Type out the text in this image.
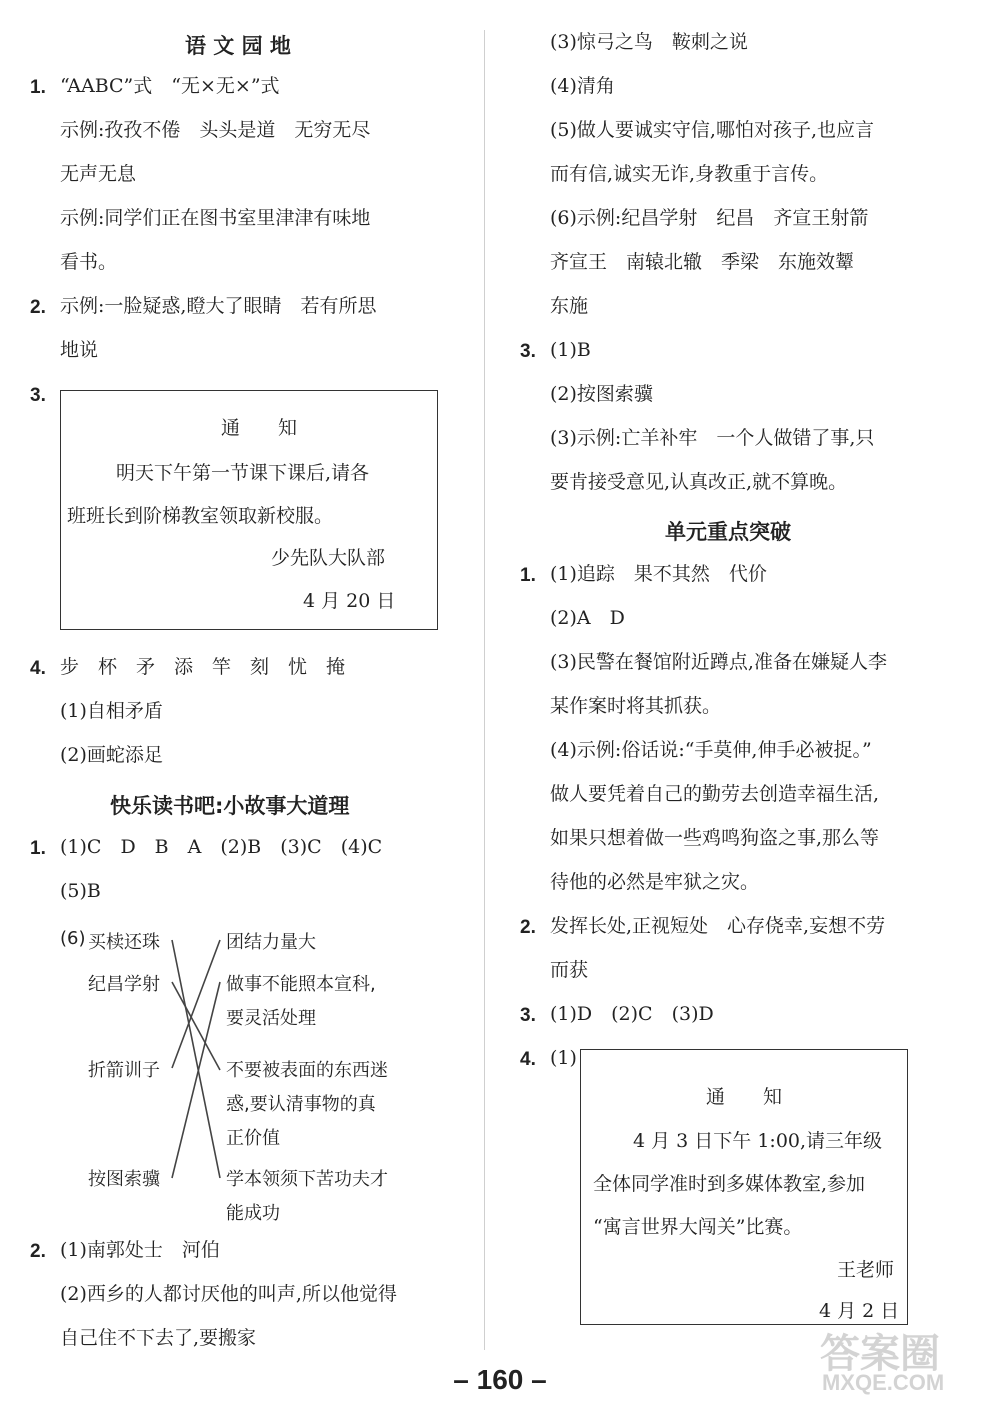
语 文 园 地
1. “AABC”式　“无×无×”式
示例:孜孜不倦　头头是道　无穷无尽
无声无息
示例:同学们正在图书室里津津有味地
看书。
2. 示例:一脸疑惑,瞪大了眼睛　若有所思
地说
3.
通　　知
明天下午第一节课下课后,请各
班班长到阶梯教室领取新校服。
少先队大队部
4 月 20 日
4. 步　杯　矛　添　竿　刻　忧　掩
(1)自相矛盾
(2)画蛇添足
快乐读书吧:小故事大道理
1. (1)C　D　B　A　(2)B　(3)C　(4)C
(5)B
(6) 买椟还珠
纪昌学射
折箭训子
按图索骥
团结力量大
做事不能照本宣科,
要灵活处理
不要被表面的东西迷
惑,要认清事物的真
正价值
学本领须下苦功夫才
能成功
2. (1)南郭处士　河伯
(2)西乡的人都讨厌他的叫声,所以他觉得
自己住不下去了,要搬家
(3)惊弓之鸟　鞍刺之说
(4)清角
(5)做人要诚实守信,哪怕对孩子,也应言
而有信,诚实无诈,身教重于言传。
(6)示例:纪昌学射　纪昌　齐宣王射箭
齐宣王　南辕北辙　季梁　东施效颦
东施
3. (1)B
(2)按图索骥
(3)示例:亡羊补牢　一个人做错了事,只
要肯接受意见,认真改正,就不算晚。
单元重点突破
1. (1)追踪　果不其然　代价
(2)A　D
(3)民警在餐馆附近蹲点,准备在嫌疑人李
某作案时将其抓获。
(4)示例:俗话说:“手莫伸,伸手必被捉。”
做人要凭着自己的勤劳去创造幸福生活,
如果只想着做一些鸡鸣狗盗之事,那么等
待他的必然是牢狱之灾。
2. 发挥长处,正视短处　心存侥幸,妄想不劳
而获
3. (1)D　(2)C　(3)D
4. (1)
通　　知
4 月 3 日下午 1:00,请三年级
全体同学准时到多媒体教室,参加
“寓言世界大闯关”比赛。
王老师
4 月 2 日
– 160 –
答案圈
MXQE.COM
